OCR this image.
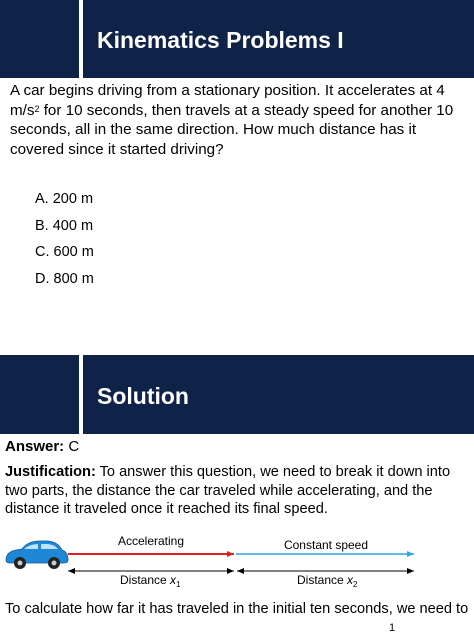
Kinematics Problems I
A car begins driving from a stationary position. It accelerates at 4 $m/s^2$ for 10 seconds, then travels at a steady speed for another 10 seconds, all in the same direction. How much distance has it covered since it started driving?
A. 200 m
B. 400 m
C. 600 m
D. 800 m
Solution
Answer: C
Justification: To answer this question, we need to break it down into two parts, the distance the car traveled while accelerating, and the distance it traveled once it reached its final speed.
Accelerating	Constant speed
Distance $x_1$	Distance $x_2$
To calculate how far it has traveled in the initial ten seconds, we need to
1
